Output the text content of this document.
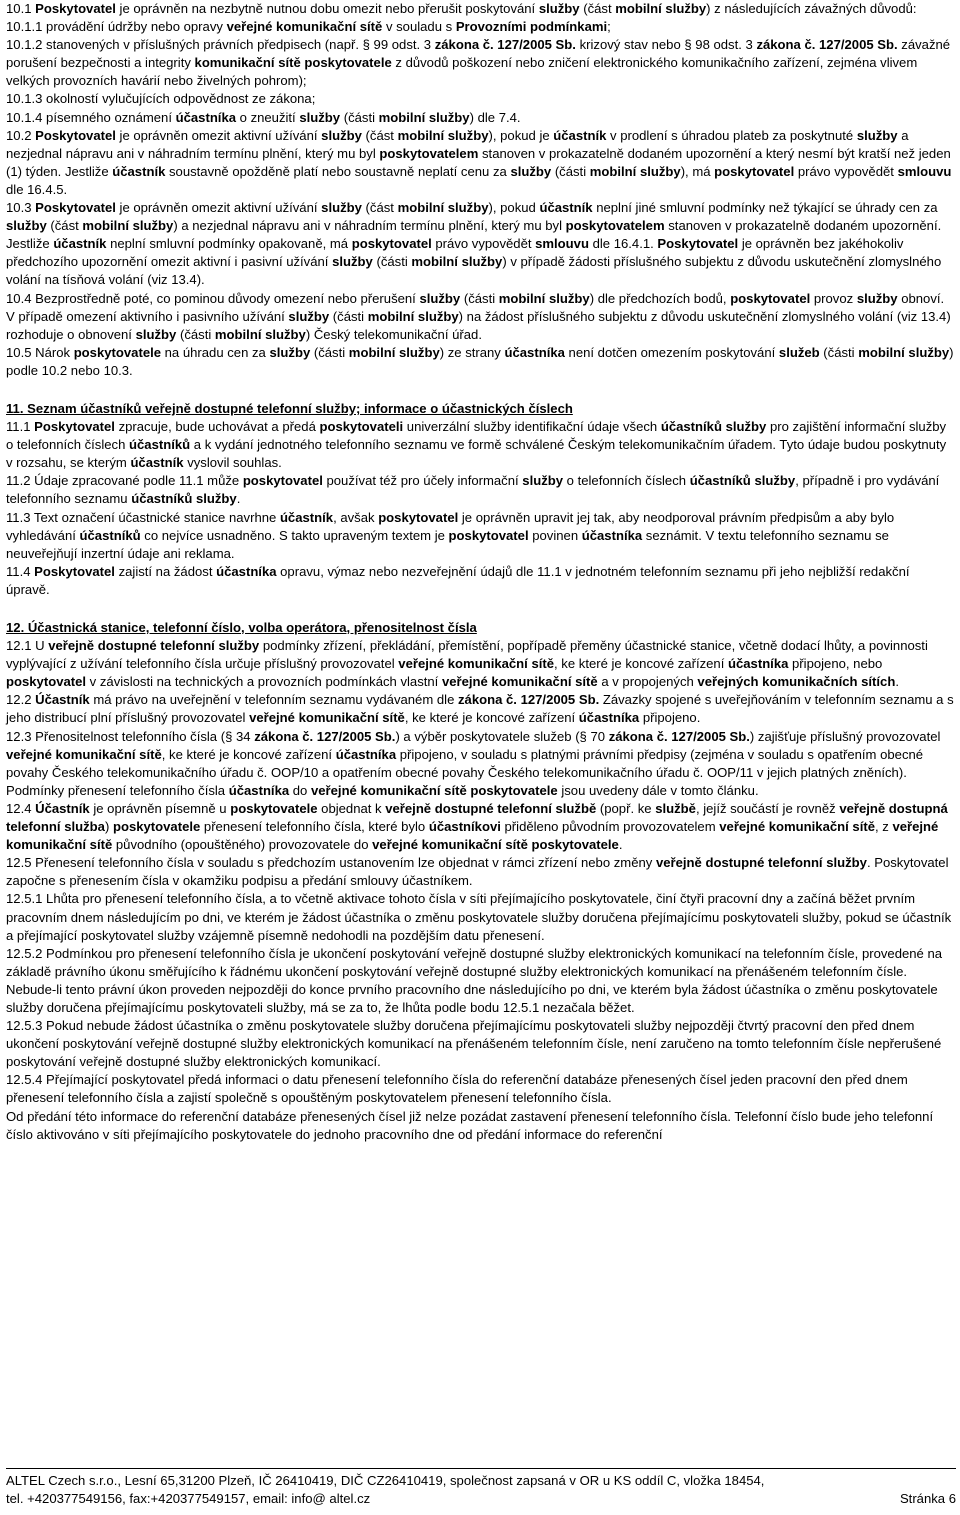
10.1 Poskytovatel je oprávněn na nezbytně nutnou dobu omezit nebo přerušit poskytování služby (část mobilní služby) z následujících závažných důvodů:

10.1.1 provádění údržby nebo opravy veřejné komunikační sítě v souladu s Provozními podmínkami;

10.1.2 stanovených v příslušných právních předpisech (např. § 99 odst. 3 zákona č. 127/2005 Sb. krizový stav nebo § 98 odst. 3 zákona č. 127/2005 Sb. závažné porušení bezpečnosti a integrity komunikační sítě poskytovatele z důvodů poškození nebo zničení elektronického komunikačního zařízení, zejména vlivem velkých provozních havárií nebo živelných pohrom);

10.1.3 okolností vylučujících odpovědnost ze zákona;

10.1.4 písemného oznámení účastníka o zneužití služby (části mobilní služby) dle 7.4.

10.2 Poskytovatel je oprávněn omezit aktivní užívání služby (část mobilní služby), pokud je účastník v prodlení s úhradou plateb za poskytnuté služby a nezjednal nápravu ani v náhradním termínu plnění, který mu byl poskytovatelem stanoven v prokazatelně dodaném upozornění a který nesmí být kratší než jeden (1) týden. Jestliže účastník soustavně opožděně platí nebo soustavně neplatí cenu za služby (části mobilní služby), má poskytovatel právo vypovědět smlouvu dle 16.4.5.

10.3 Poskytovatel je oprávněn omezit aktivní užívání služby (část mobilní služby), pokud účastník neplní jiné smluvní podmínky než týkající se úhrady cen za služby (část mobilní služby) a nezjednal nápravu ani v náhradním termínu plnění, který mu byl poskytovatelem stanoven v prokazatelně dodaném upozornění. Jestliže účastník neplní smluvní podmínky opakovaně, má poskytovatel právo vypovědět smlouvu dle 16.4.1. Poskytovatel je oprávněn bez jakéhokoliv předchozího upozornění omezit aktivní i pasivní užívání služby (části mobilní služby) v případě žádosti příslušného subjektu z důvodu uskutečnění zlomyslného volání na tísňová volání (viz 13.4).

10.4 Bezprostředně poté, co pominou důvody omezení nebo přerušení služby (části mobilní služby) dle předchozích bodů, poskytovatel provoz služby obnoví. V případě omezení aktivního i pasivního užívání služby (části mobilní služby) na žádost příslušného subjektu z důvodu uskutečnění zlomyslného volání (viz 13.4) rozhoduje o obnovení služby (části mobilní služby) Český telekomunikační úřad.

10.5 Nárok poskytovatele na úhradu cen za služby (části mobilní služby) ze strany účastníka není dotčen omezením poskytování služeb (části mobilní služby) podle 10.2 nebo 10.3.

11. Seznam účastníků veřejně dostupné telefonní služby; informace o účastnických číslech

11.1 Poskytovatel zpracuje, bude uchovávat a předá poskytovateli univerzální služby identifikační údaje všech účastníků služby pro zajištění informační služby o telefonních číslech účastníků a k vydání jednotného telefonního seznamu ve formě schválené Českým telekomunikačním úřadem. Tyto údaje budou poskytnuty v rozsahu, se kterým účastník vyslovil souhlas.

11.2 Údaje zpracované podle 11.1 může poskytovatel používat též pro účely informační služby o telefonních číslech účastníků služby, případně i pro vydávání telefonního seznamu účastníků služby.

11.3 Text označení účastnické stanice navrhne účastník, avšak poskytovatel je oprávněn upravit jej tak, aby neodporoval právním předpisům a aby bylo vyhledávání účastníků co nejvíce usnadněno. S takto upraveným textem je poskytovatel povinen účastníka seznámit. V textu telefonního seznamu se neuveřejňují inzertní údaje ani reklama.

11.4 Poskytovatel zajistí na žádost účastníka opravu, výmaz nebo nezveřejnění údajů dle 11.1 v jednotném telefonním seznamu při jeho nejbližší redakční úpravě.

12. Účastnická stanice, telefonní číslo, volba operátora, přenositelnost čísla

12.1 U veřejně dostupné telefonní služby podmínky zřízení, překládání, přemístění, popřípadě přeměny účastnické stanice, včetně dodací lhůty, a povinnosti vyplývající z užívání telefonního čísla určuje příslušný provozovatel veřejné komunikační sítě, ke které je koncové zařízení účastníka připojeno, nebo poskytovatel v závislosti na technických a provozních podmínkách vlastní veřejné komunikační sítě a v propojených veřejných komunikačních sítích.

12.2 Účastník má právo na uveřejnění v telefonním seznamu vydávaném dle zákona č. 127/2005 Sb. Závazky spojené s uveřejňováním v telefonním seznamu a s jeho distribucí plní příslušný provozovatel veřejné komunikační sítě, ke které je koncové zařízení účastníka připojeno.

12.3 Přenositelnost telefonního čísla (§ 34 zákona č. 127/2005 Sb.) a výběr poskytovatele služeb (§ 70 zákona č. 127/2005 Sb.) zajišťuje příslušný provozovatel veřejné komunikační sítě, ke které je koncové zařízení účastníka připojeno, v souladu s platnými právními předpisy (zejména v souladu s opatřením obecné povahy Českého telekomunikačního úřadu č. OOP/10 a opatřením obecné povahy Českého telekomunikačního úřadu č. OOP/11 v jejich platných zněních). Podmínky přenesení telefonního čísla účastníka do veřejné komunikační sítě poskytovatele jsou uvedeny dále v tomto článku.

12.4 Účastník je oprávněn písemně u poskytovatele objednat k veřejně dostupné telefonní službě (popř. ke službě, jejíž součástí je rovněž veřejně dostupná telefonní služba) poskytovatele přenesení telefonního čísla, které bylo účastníkovi přiděleno původním provozovatelem veřejné komunikační sítě, z veřejné komunikační sítě původního (opouštěného) provozovatele do veřejné komunikační sítě poskytovatele.

12.5 Přenesení telefonního čísla v souladu s předchozím ustanovením lze objednat v rámci zřízení nebo změny veřejně dostupné telefonní služby. Poskytovatel započne s přenesením čísla v okamžiku podpisu a předání smlouvy účastníkem.

12.5.1 Lhůta pro přenesení telefonního čísla, a to včetně aktivace tohoto čísla v síti přejímajícího poskytovatele, činí čtyři pracovní dny a začíná běžet prvním pracovním dnem následujícím po dni, ve kterém je žádost účastníka o změnu poskytovatele služby doručena přejímajícímu poskytovateli služby, pokud se účastník a přejímající poskytovatel služby vzájemně písemně nedohodli na pozdějším datu přenesení.

12.5.2 Podmínkou pro přenesení telefonního čísla je ukončení poskytování veřejně dostupné služby elektronických komunikací na telefonním čísle, provedené na základě právního úkonu směřujícího k řádnému ukončení poskytování veřejně dostupné služby elektronických komunikací na přenášeném telefonním čísle. Nebude-li tento právní úkon proveden nejpozději do konce prvního pracovního dne následujícího po dni, ve kterém byla žádost účastníka o změnu poskytovatele služby doručena přejímajícímu poskytovateli služby, má se za to, že lhůta podle bodu 12.5.1 nezačala běžet.

12.5.3 Pokud nebude žádost účastníka o změnu poskytovatele služby doručena přejímajícímu poskytovateli služby nejpozději čtvrtý pracovní den před dnem ukončení poskytování veřejně dostupné služby elektronických komunikací na přenášeném telefonním čísle, není zaručeno na tomto telefonním čísle nepřerušené poskytování veřejně dostupné služby elektronických komunikací.

12.5.4 Přejímající poskytovatel předá informaci o datu přenesení telefonního čísla do referenční databáze přenesených čísel jeden pracovní den před dnem přenesení telefonního čísla a zajistí společně s opouštěným poskytovatelem přenesení telefonního čísla.

Od předání této informace do referenční databáze přenesených čísel již nelze pozádat zastavení přenesení telefonního čísla. Telefonní číslo bude jeho telefonní číslo aktivováno v síti přejímajícího poskytovatele do jednoho pracovního dne od předání informace do referenční

ALTEL Czech s.r.o., Lesní 65,31200 Plzeň, IČ 26410419, DIČ CZ26410419, společnost zapsaná v OR u KS oddíl C, vložka 18454,
tel. +420377549156, fax:+420377549157, email: info@ altel.cz	Stránka 6
